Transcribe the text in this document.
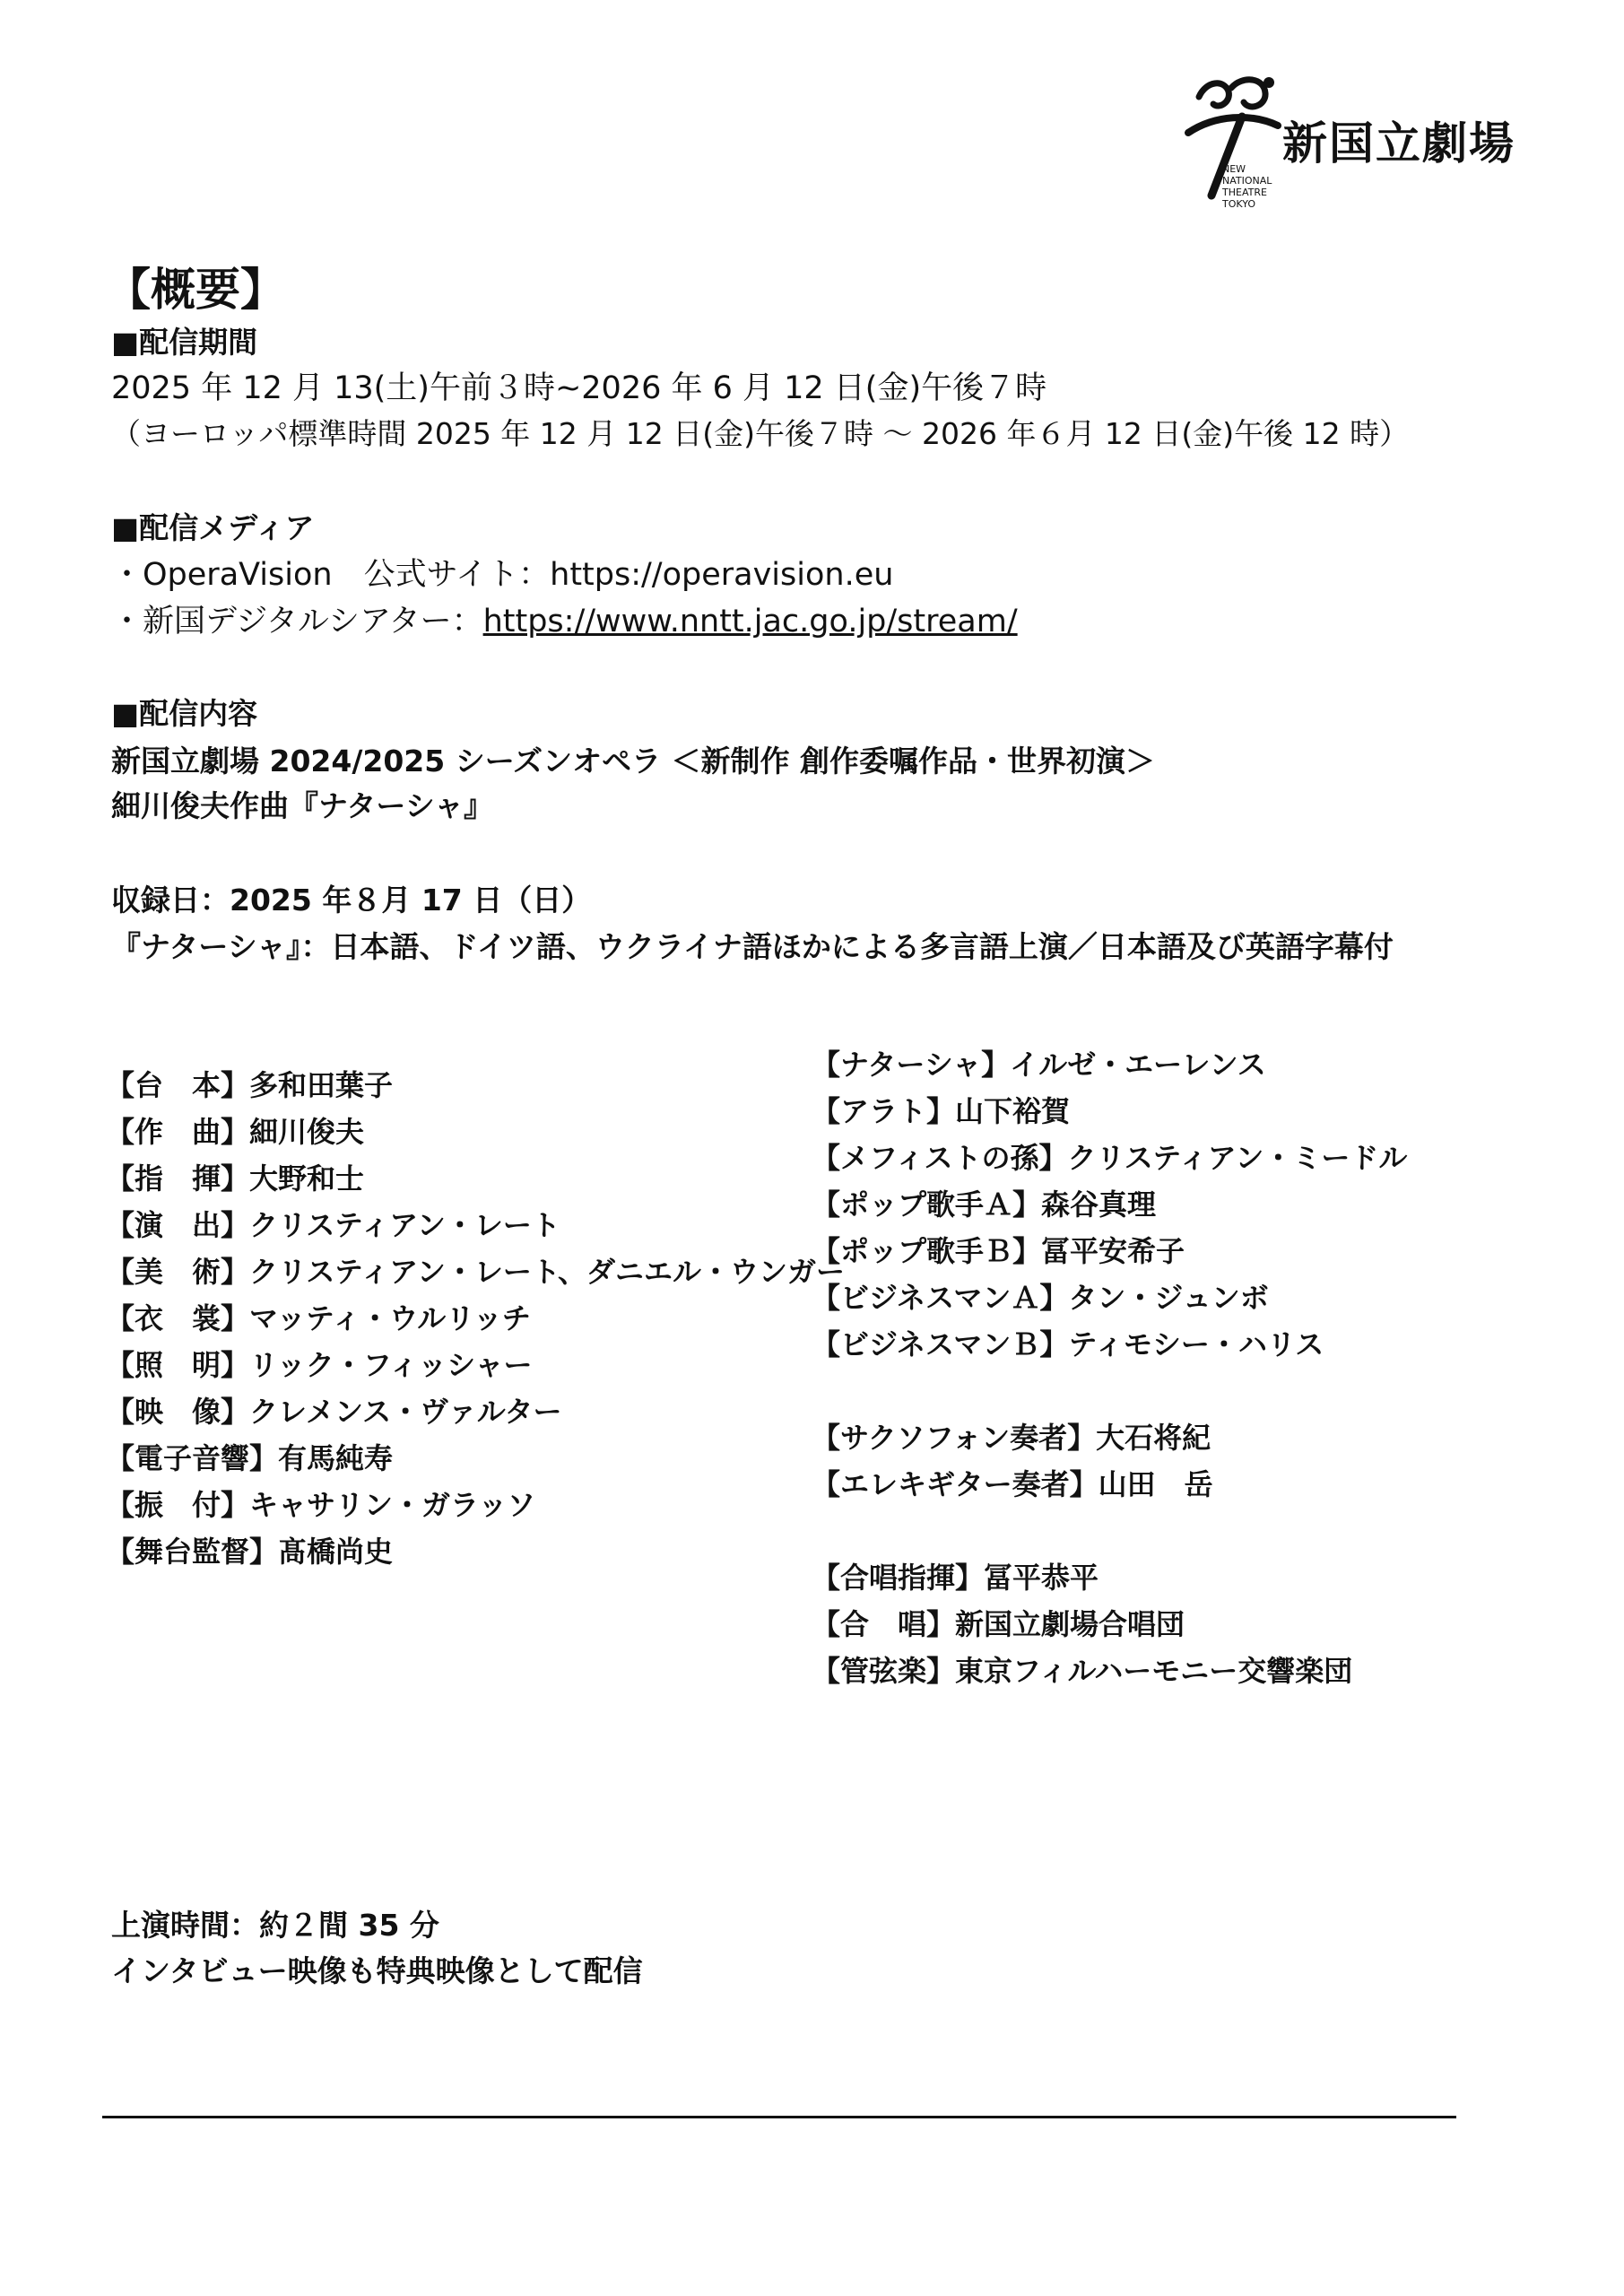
新国立劇場
NEW
NATIONAL
THEATRE
TOKYO
【概要】
■配信期間
2025 年 12 月 13(土)午前３時~2026 年 6 月 12 日(金)午後７時
（ヨーロッパ標準時間 2025 年 12 月 12 日(金)午後７時 ～ 2026 年６月 12 日(金)午後 12 時）
■配信メディア
・OperaVision　公式サイト：https://operavision.eu
・新国デジタルシアター：https://www.nntt.jac.go.jp/stream/
■配信内容
新国立劇場 2024/2025 シーズンオペラ ＜新制作 創作委嘱作品・世界初演＞
細川俊夫作曲『ナターシャ』
収録日：2025 年８月 17 日（日）
『ナターシャ』：日本語、ドイツ語、ウクライナ語ほかによる多言語上演／日本語及び英語字幕付
【台　本】多和田葉子
【作　曲】細川俊夫
【指　揮】大野和士
【演　出】クリスティアン・レート
【美　術】クリスティアン・レート、ダニエル・ウンガー
【衣　裳】マッティ・ウルリッチ
【照　明】リック・フィッシャー
【映　像】クレメンス・ヴァルター
【電子音響】有馬純寿
【振　付】キャサリン・ガラッソ
【舞台監督】髙橋尚史
【ナターシャ】イルゼ・エーレンス
【アラト】山下裕賀
【メフィストの孫】クリスティアン・ミードル
【ポップ歌手Ａ】森谷真理
【ポップ歌手Ｂ】冨平安希子
【ビジネスマンＡ】タン・ジュンボ
【ビジネスマンＢ】ティモシー・ハリス
【サクソフォン奏者】大石将紀
【エレキギター奏者】山田　岳
【合唱指揮】冨平恭平
【合　唱】新国立劇場合唱団
【管弦楽】東京フィルハーモニー交響楽団
上演時間：約２間 35 分
インタビュー映像も特典映像として配信
